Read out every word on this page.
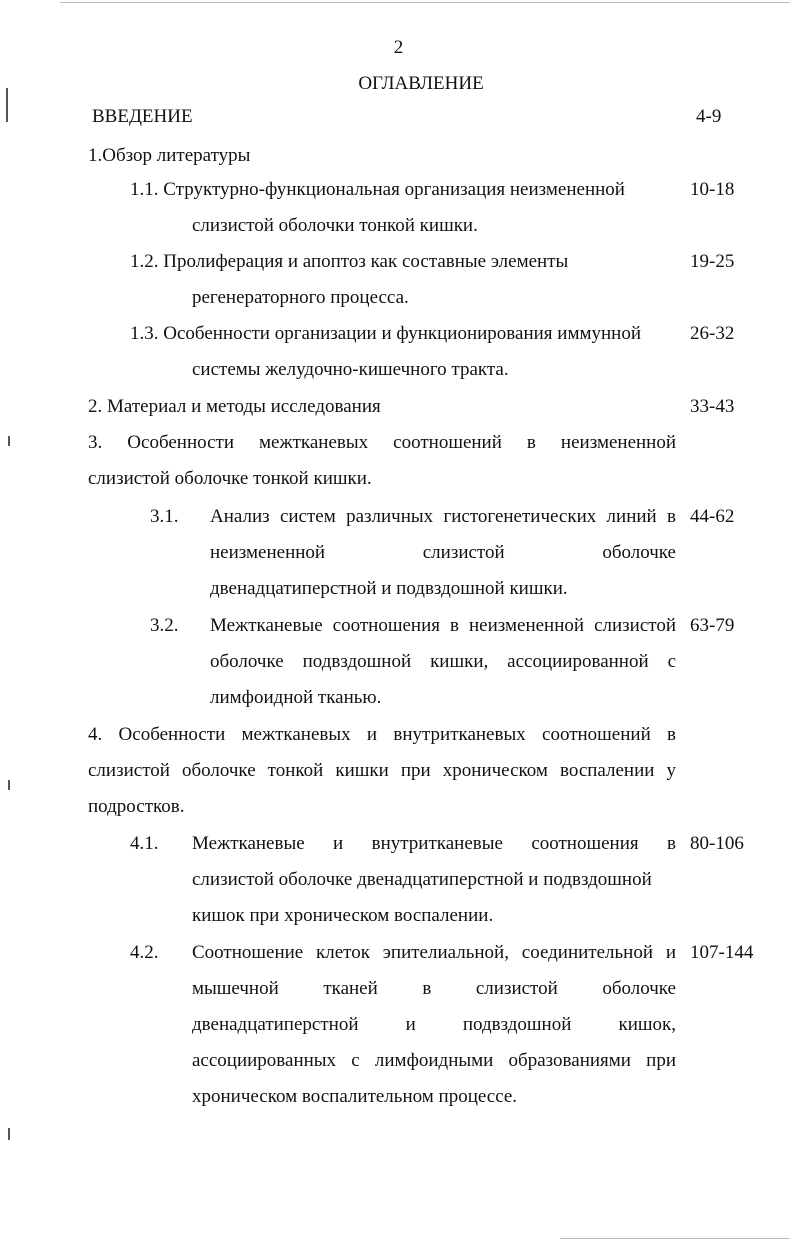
2
ОГЛАВЛЕНИЕ
ВВЕДЕНИЕ	4-9
1.Обзор литературы
1.1. Структурно-функциональная организация неизмененной
слизистой оболочки тонкой кишки.
10-18
1.2. Пролиферация и апоптоз как составные элементы
регенераторного процесса.
19-25
1.3. Особенности организации и функционирования иммунной
системы желудочно-кишечного тракта.
26-32
2. Материал и методы исследования	33-43
3. Особенности межтканевых соотношений в неизмененной
слизистой оболочке тонкой кишки.
3.1. Анализ систем различных гистогенетических линий в
неизмененной слизистой оболочке
двенадцатиперстной и подвздошной кишки.
44-62
3.2. Межтканевые соотношения в неизмененной слизистой
оболочке подвздошной кишки, ассоциированной с
лимфоидной тканью.
63-79
4. Особенности межтканевых и внутритканевых соотношений в
слизистой оболочке тонкой кишки при хроническом воспалении у
подростков.
4.1. Межтканевые и внутритканевые соотношения в
слизистой оболочке двенадцатиперстной и подвздошной
кишок при хроническом воспалении.
80-106
4.2. Соотношение клеток эпителиальной, соединительной и
мышечной тканей в слизистой оболочке
двенадцатиперстной и подвздошной кишок,
ассоциированных с лимфоидными образованиями при
хроническом воспалительном процессе.
107-144
